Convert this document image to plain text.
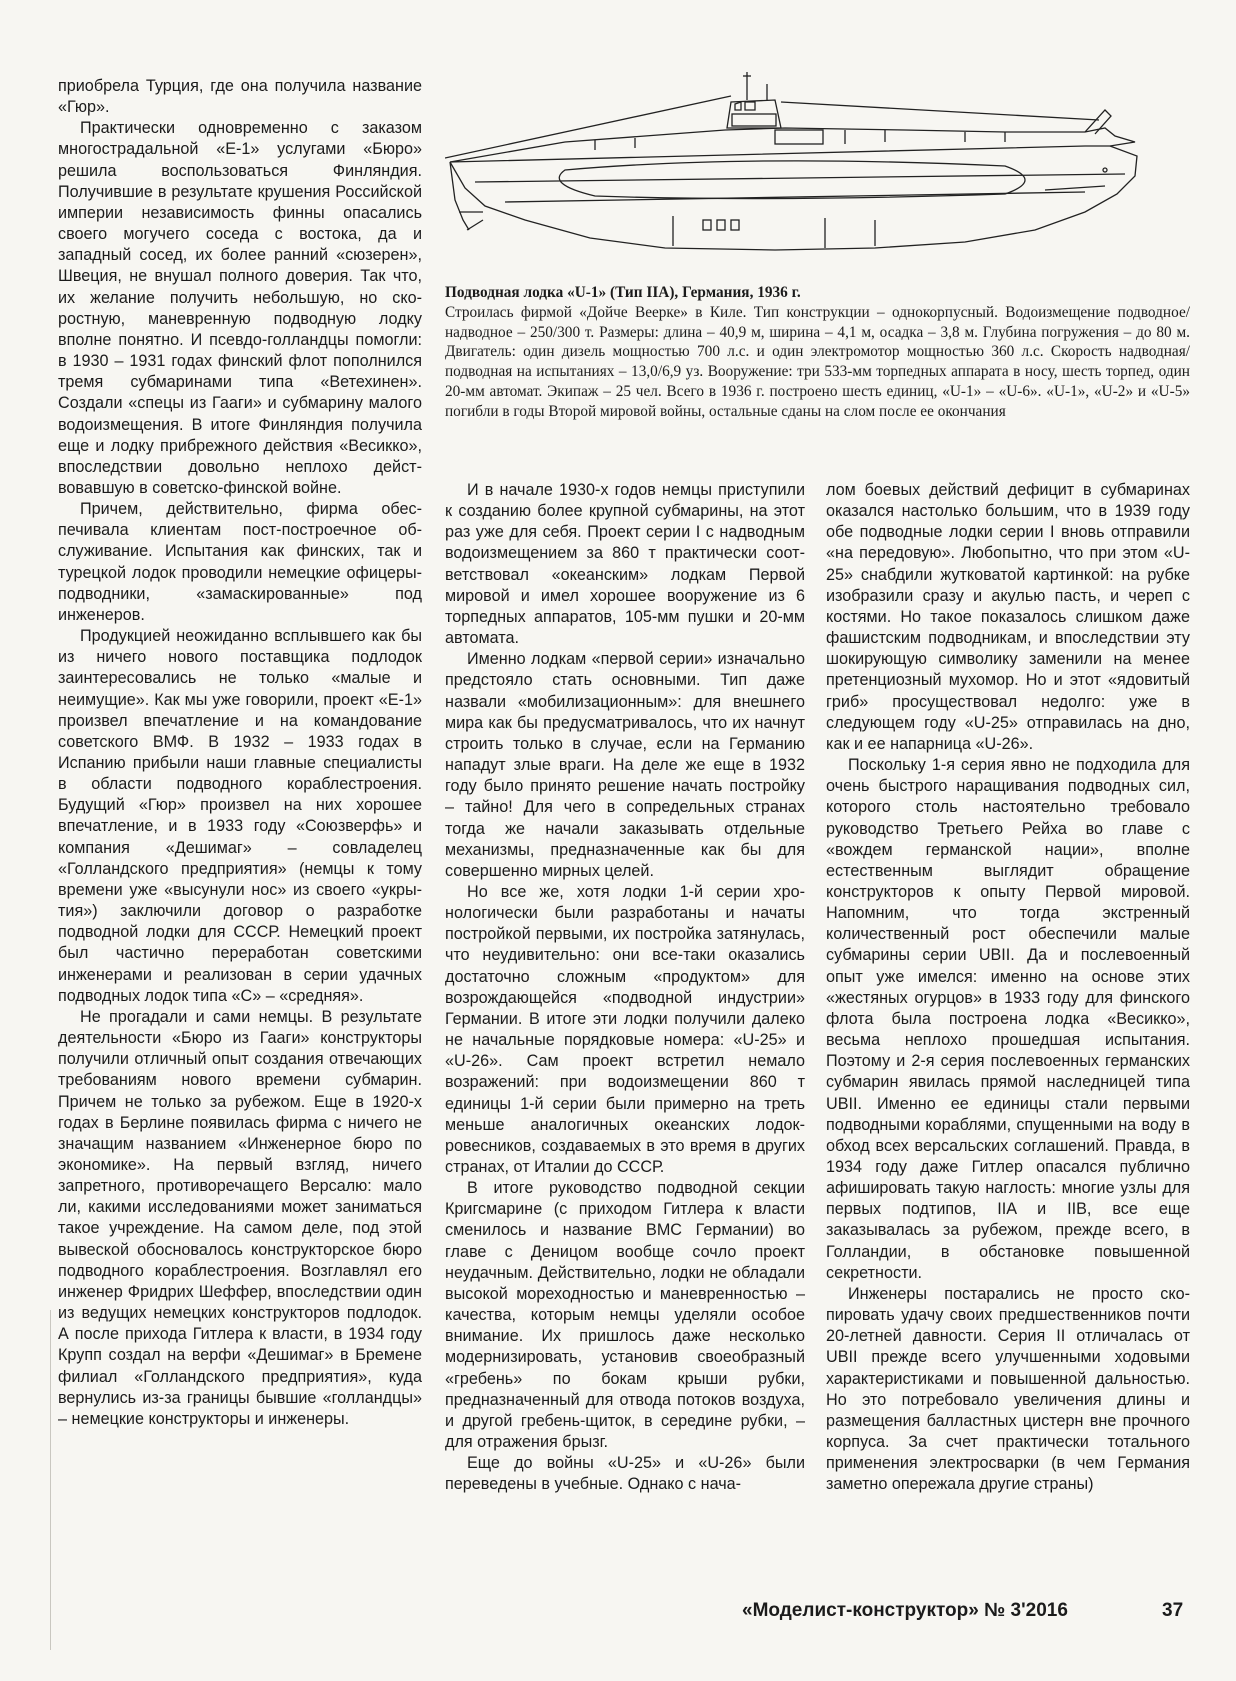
Подводная лодка «U-1» (Тип IIА), Германия, 1936 г.
Строилась фирмой «Дойче Веерке» в Киле. Тип конструкции – однокорпусный. Водоизмещение подводное/надводное – 250/300 т. Размеры: длина – 40,9 м, ширина – 4,1 м, осадка – 3,8 м. Глубина погружения – до 80 м. Двигатель: один дизель мощностью 700 л.с. и один электромотор мощностью 360 л.с. Скорость надводная/подводная на испытаниях – 13,0/6,9 уз. Вооружение: три 533-мм торпедных аппарата в носу, шесть торпед, один 20-мм автомат. Экипаж – 25 чел. Всего в 1936 г. построено шесть единиц, «U-1» – «U-6». «U-1», «U-2» и «U-5» погибли в годы Второй мировой войны, остальные сданы на слом после ее окончания

приобрела Турция, где она получила название «Гюр».

Практически одновременно с заказом многострадальной «Е-1» услугами «Бюро» решила воспользоваться Финляндия. Получившие в результате крушения Российской империи независимость финны опасались своего могучего соседа с востока, да и западный сосед, их более ранний «сюзерен», Швеция, не внушал полного доверия. Так что, их желание получить небольшую, но скоростную, маневренную подводную лодку вполне понятно. И псевдо-голландцы помогли: в 1930 – 1931 годах финский флот пополнился тремя субмаринами типа «Ветехинен». Создали «спецы из Гааги» и субмарину малого водоизмещения. В итоге Финляндия получила еще и лодку прибрежного действия «Весикко», впоследствии довольно неплохо действовавшую в советско-финской войне.

Причем, действительно, фирма обеспечивала клиентам пост-построечное обслуживание. Испытания как финских, так и турецкой лодок проводили немецкие офицеры-подводники, «замаскированные» под инженеров.

Продукцией неожиданно всплывшего как бы из ничего нового поставщика подлодок заинтересовались не только «малые и неимущие». Как мы уже говорили, проект «Е-1» произвел впечатление и на командование советского ВМФ. В 1932 – 1933 годах в Испанию прибыли наши главные специалисты в области подводного кораблестроения. Будущий «Гюр» произвел на них хорошее впечатление, и в 1933 году «Союзверфь» и компания «Дешимаг» – совладелец «Голландского предприятия» (немцы к тому времени уже «высунули нос» из своего «укрытия») заключили договор о разработке подводной лодки для СССР. Немецкий проект был частично переработан советскими инженерами и реализован в серии удачных подводных лодок типа «С» – «средняя».

Не прогадали и сами немцы. В результате деятельности «Бюро из Гааги» конструкторы получили отличный опыт создания отвечающих требованиям нового времени субмарин. Причем не только за рубежом. Еще в 1920-х годах в Берлине появилась фирма с ничего не значащим названием «Инженерное бюро по экономике». На первый взгляд, ничего запретного, противоречащего Версалю: мало ли, какими исследованиями может заниматься такое учреждение. На самом деле, под этой вывеской обосновалось конструкторское бюро подводного кораблестроения. Возглавлял его инженер Фридрих Шеффер, впоследствии один из ведущих немецких конструкторов подлодок. А после прихода Гитлера к власти, в 1934 году Крупп создал на верфи «Дешимаг» в Бремене филиал «Голландского предприятия», куда вернулись из-за границы бывшие «голландцы» – немецкие конструкторы и инженеры.

И в начале 1930-х годов немцы приступили к созданию более крупной субмарины, на этот раз уже для себя. Проект серии I с надводным водоизмещением за 860 т практически соответствовал «океанским» лодкам Первой мировой и имел хорошее вооружение из 6 торпедных аппаратов, 105-мм пушки и 20-мм автомата.

Именно лодкам «первой серии» изначально предстояло стать основными. Тип даже назвали «мобилизационным»: для внешнего мира как бы предусматривалось, что их начнут строить только в случае, если на Германию нападут злые враги. На деле же еще в 1932 году было принято решение начать постройку – тайно! Для чего в сопредельных странах тогда же начали заказывать отдельные механизмы, предназначенные как бы для совершенно мирных целей.

Но все же, хотя лодки 1-й серии хронологически были разработаны и начаты постройкой первыми, их постройка затянулась, что неудивительно: они все-таки оказались достаточно сложным «продуктом» для возрождающейся «подводной индустрии» Германии. В итоге эти лодки получили далеко не начальные порядковые номера: «U-25» и «U-26». Сам проект встретил немало возражений: при водоизмещении 860 т единицы 1-й серии были примерно на треть меньше аналогичных океанских лодок-ровесников, создаваемых в это время в других странах, от Италии до СССР.

В итоге руководство подводной секции Кригсмарине (с приходом Гитлера к власти сменилось и название ВМС Германии) во главе с Деницом вообще сочло проект неудачным. Действительно, лодки не обладали высокой мореходностью и маневренностью – качества, которым немцы уделяли особое внимание. Их пришлось даже несколько модернизировать, установив своеобразный «гребень» по бокам крыши рубки, предназначенный для отвода потоков воздуха, и другой гребень-щиток, в середине рубки, – для отражения брызг.

Еще до войны «U-25» и «U-26» были переведены в учебные. Однако с нача-

лом боевых действий дефицит в субмаринах оказался настолько большим, что в 1939 году обе подводные лодки серии I вновь отправили «на передовую». Любопытно, что при этом «U-25» снабдили жутковатой картинкой: на рубке изобразили сразу и акулью пасть, и череп с костями. Но такое показалось слишком даже фашистским подводникам, и впоследствии эту шокирующую символику заменили на менее претенциозный мухомор. Но и этот «ядовитый гриб» просуществовал недолго: уже в следующем году «U-25» отправилась на дно, как и ее напарница «U-26».

Поскольку 1-я серия явно не подходила для очень быстрого наращивания подводных сил, которого столь настоятельно требовало руководство Третьего Рейха во главе с «вождем германской нации», вполне естественным выглядит обращение конструкторов к опыту Первой мировой. Напомним, что тогда экстренный количественный рост обеспечили малые субмарины серии UBII. Да и послевоенный опыт уже имелся: именно на основе этих «жестяных огурцов» в 1933 году для финского флота была построена лодка «Весикко», весьма неплохо прошедшая испытания. Поэтому и 2-я серия послевоенных германских субмарин явилась прямой наследницей типа UBII. Именно ее единицы стали первыми подводными кораблями, спущенными на воду в обход всех версальских соглашений. Правда, в 1934 году даже Гитлер опасался публично афишировать такую наглость: многие узлы для первых подтипов, IIA и IIB, все еще заказывалась за рубежом, прежде всего, в Голландии, в обстановке повышенной секретности.

Инженеры постарались не просто скопировать удачу своих предшественников почти 20-летней давности. Серия II отличалась от UBII прежде всего улучшенными ходовыми характеристиками и повышенной дальностью. Но это потребовало увеличения длины и размещения балластных цистерн вне прочного корпуса. За счет практически тотального применения электросварки (в чем Германия заметно опережала другие страны)

«Моделист-конструктор» № 3'2016	37
